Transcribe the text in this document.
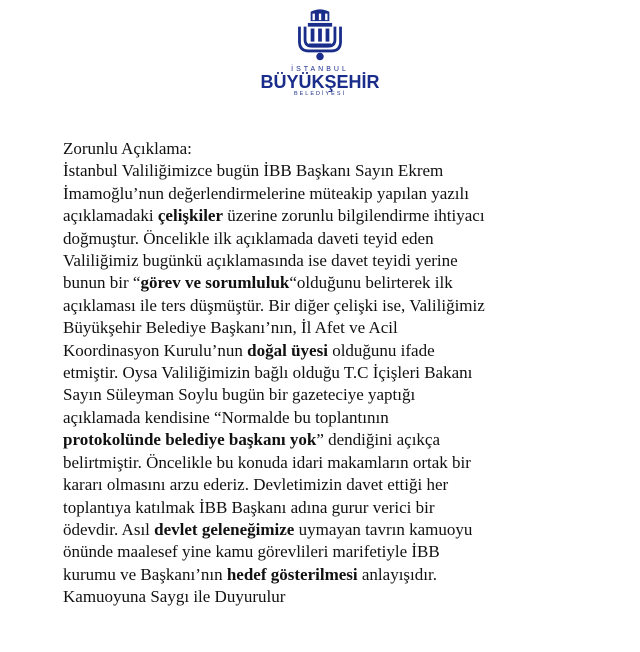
İSTANBUL
BÜYÜKŞEHİR
BELEDİYESİ
Zorunlu Açıklama:
İstanbul Valiliğimizce bugün İBB Başkanı Sayın Ekrem
İmamoğlu’nun değerlendirmelerine müteakip yapılan yazılı
açıklamadaki çelişkiler üzerine zorunlu bilgilendirme ihtiyacı
doğmuştur. Öncelikle ilk açıklamada daveti teyid eden
Valiliğimiz bugünkü açıklamasında ise davet teyidi yerine
bunun bir “görev ve sorumluluk“olduğunu belirterek ilk
açıklaması ile ters düşmüştür. Bir diğer çelişki ise, Valiliğimiz
Büyükşehir Belediye Başkanı’nın, İl Afet ve Acil
Koordinasyon Kurulu’nun doğal üyesi olduğunu ifade
etmiştir. Oysa Valiliğimizin bağlı olduğu T.C İçişleri Bakanı
Sayın Süleyman Soylu bugün bir gazeteciye yaptığı
açıklamada kendisine “Normalde bu toplantının
protokolünde belediye başkanı yok” dendiğini açıkça
belirtmiştir. Öncelikle bu konuda idari makamların ortak bir
kararı olmasını arzu ederiz. Devletimizin davet ettiği her
toplantıya katılmak İBB Başkanı adına gurur verici bir
ödevdir. Asıl devlet geleneğimize uymayan tavrın kamuoyu
önünde maalesef yine kamu görevlileri marifetiyle İBB
kurumu ve Başkanı’nın hedef gösterilmesi anlayışıdır.
Kamuoyuna Saygı ile Duyurulur
